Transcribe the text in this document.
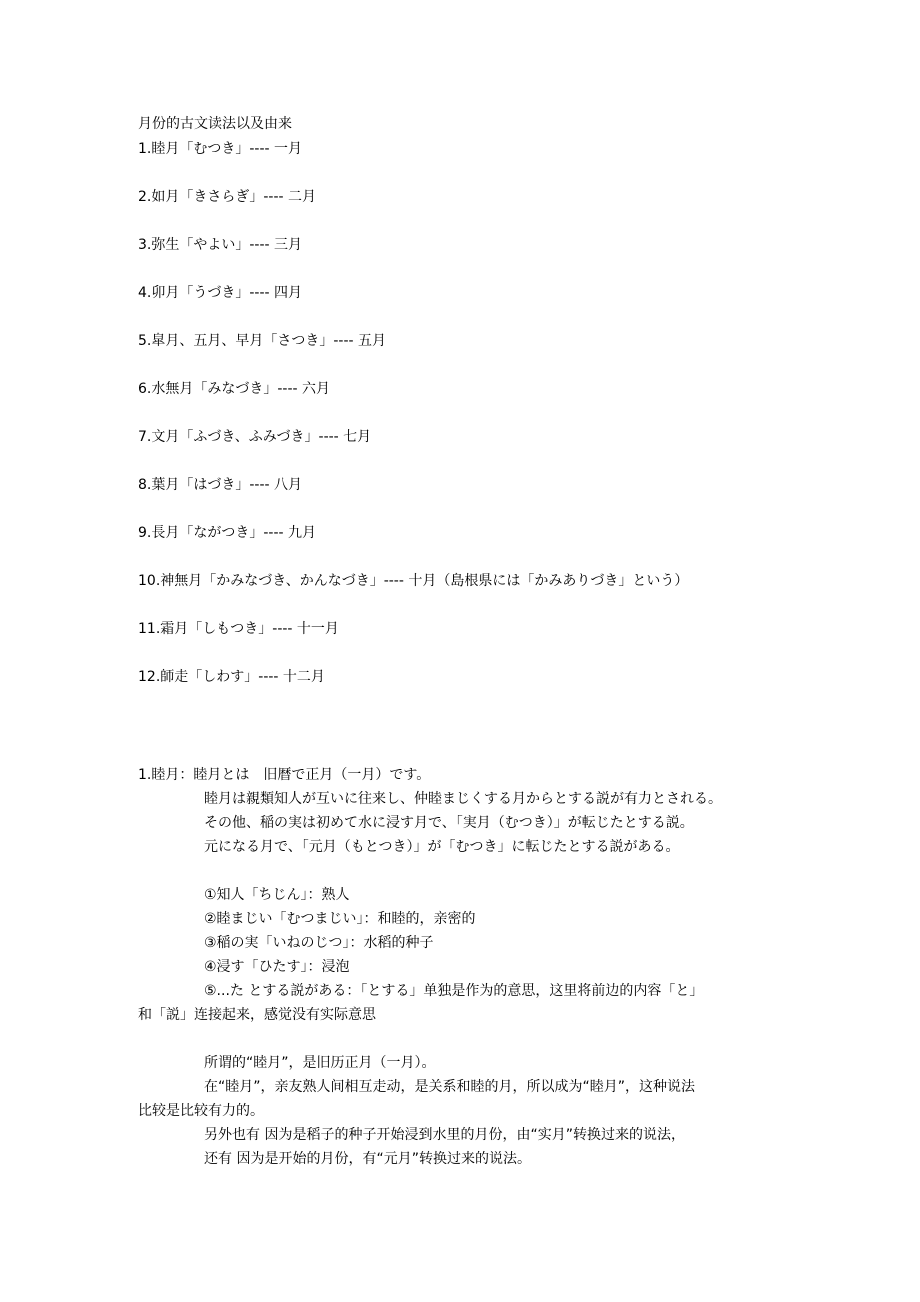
月份的古文读法以及由来
1.睦月「むつき」---- 一月
2.如月「きさらぎ」---- 二月
3.弥生「やよい」---- 三月
4.卯月「うづき」---- 四月
5.皐月、五月、早月「さつき」---- 五月
6.水無月「みなづき」---- 六月
7.文月「ふづき、ふみづき」---- 七月
8.葉月「はづき」---- 八月
9.長月「ながつき」---- 九月
10.神無月「かみなづき、かんなづき」---- 十月（島根県には「かみありづき」という）
11.霜月「しもつき」---- 十一月
12.師走「しわす」---- 十二月
1.睦月：睦月とは　旧暦で正月（一月）です。
睦月は親類知人が互いに往来し、仲睦まじくする月からとする説が有力とされる。
その他、稲の実は初めて水に浸す月で、「実月（むつき）」が転じたとする説。
元になる月で、「元月（もとつき）」が「むつき」に転じたとする説がある。
①知人「ちじん」：熟人
②睦まじい「むつまじい」：和睦的，亲密的
③稲の実「いねのじつ」：水稻的种子
④浸す「ひたす」：浸泡
⑤...た とする説がある：「とする」单独是作为的意思，这里将前边的内容「と」
和「説」连接起来，感觉没有实际意思
所谓的“睦月”，是旧历正月（一月）。
在“睦月”，亲友熟人间相互走动，是关系和睦的月，所以成为“睦月”，这种说法
比较是比较有力的。
另外也有 因为是稻子的种子开始浸到水里的月份，由“实月”转换过来的说法，
还有 因为是开始的月份，有“元月”转换过来的说法。
